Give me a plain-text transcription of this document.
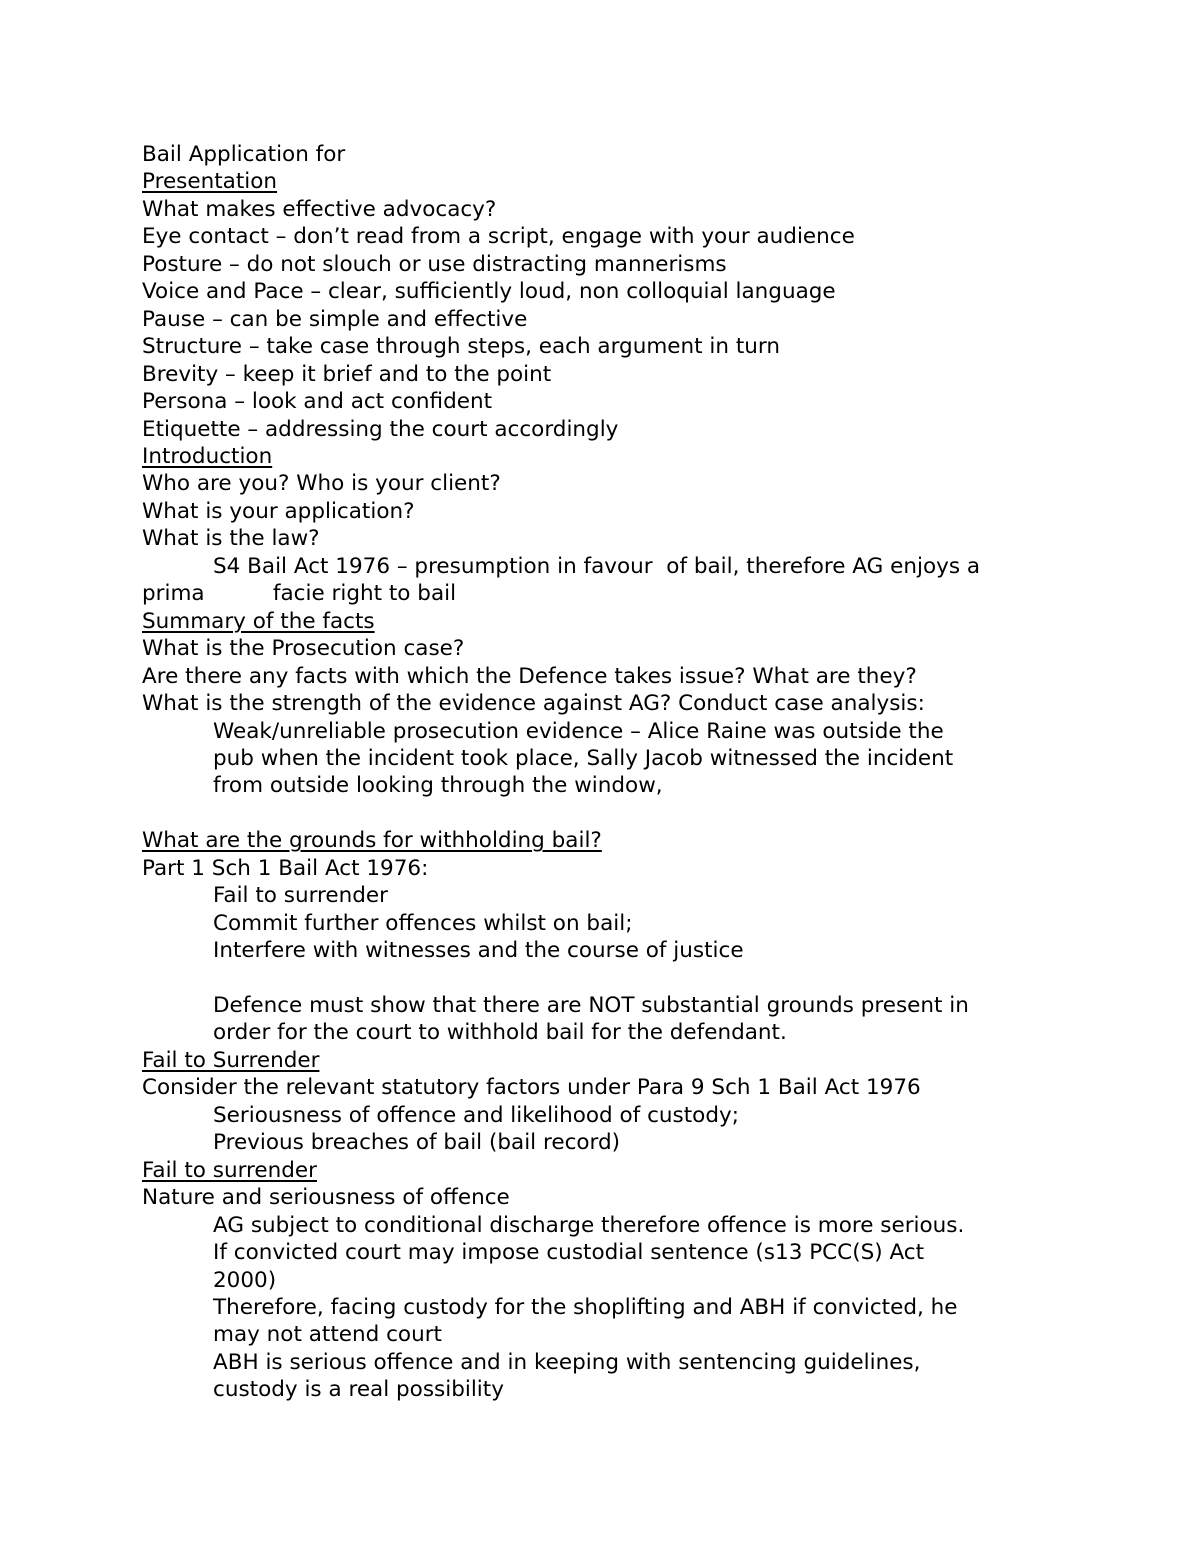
Bail Application for
Presentation
What makes effective advocacy?
Eye contact – don’t read from a script, engage with your audience
Posture – do not slouch or use distracting mannerisms
Voice and Pace – clear, sufficiently loud, non colloquial language
Pause – can be simple and effective
Structure – take case through steps, each argument in turn
Brevity – keep it brief and to the point
Persona – look and act confident
Etiquette – addressing the court accordingly
Introduction
Who are you? Who is your client?
What is your application?
What is the law?
S4 Bail Act 1976 – presumption in favour  of bail, therefore AG enjoys a
prima          facie right to bail
Summary of the facts
What is the Prosecution case?
Are there any facts with which the Defence takes issue? What are they?
What is the strength of the evidence against AG? Conduct case analysis:
Weak/unreliable prosecution evidence – Alice Raine was outside the
pub when the incident took place, Sally Jacob witnessed the incident
from outside looking through the window,
What are the grounds for withholding bail?
Part 1 Sch 1 Bail Act 1976:
Fail to surrender
Commit further offences whilst on bail;
Interfere with witnesses and the course of justice
Defence must show that there are NOT substantial grounds present in
order for the court to withhold bail for the defendant.
Fail to Surrender
Consider the relevant statutory factors under Para 9 Sch 1 Bail Act 1976
Seriousness of offence and likelihood of custody;
Previous breaches of bail (bail record)
Fail to surrender
Nature and seriousness of offence
AG subject to conditional discharge therefore offence is more serious.
If convicted court may impose custodial sentence (s13 PCC(S) Act
2000)
Therefore, facing custody for the shoplifting and ABH if convicted, he
may not attend court
ABH is serious offence and in keeping with sentencing guidelines,
custody is a real possibility
